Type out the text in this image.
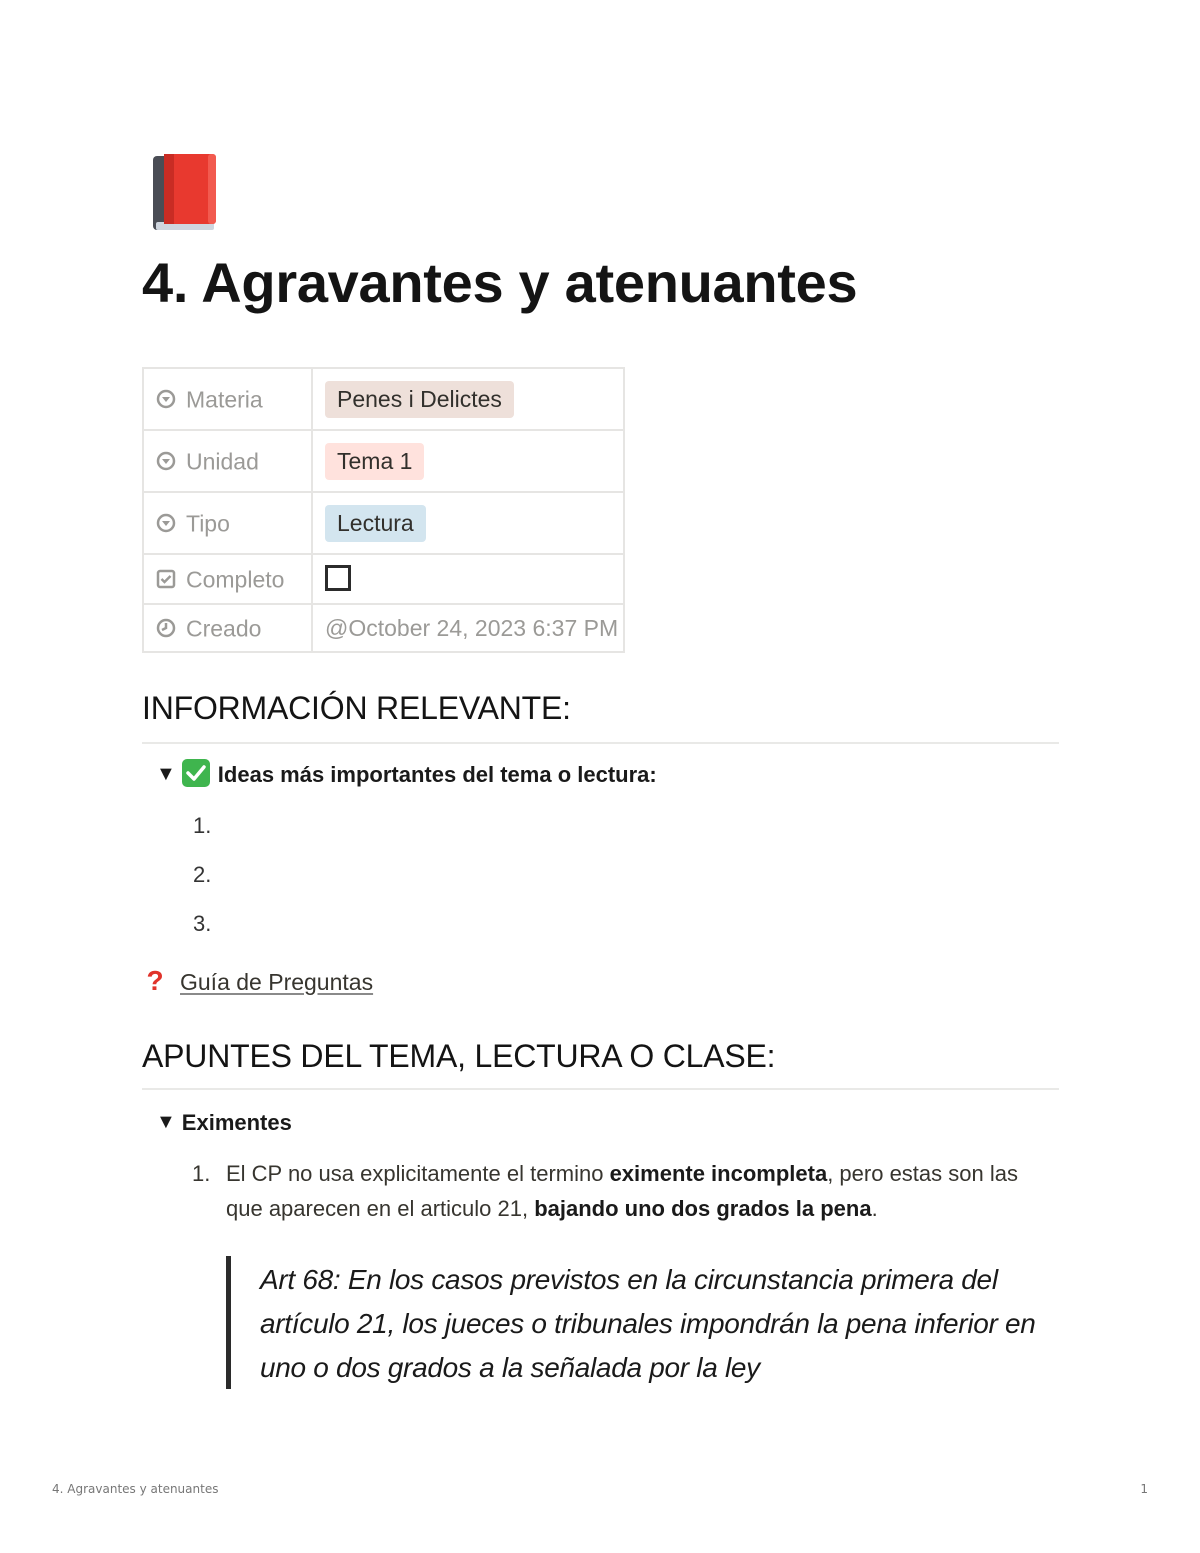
4. Agravantes y atenuantes
Materia	Penes i Delictes
Unidad	Tema 1
Tipo	Lectura
Completo	
Creado	@October 24, 2023 6:37 PM
INFORMACIÓN RELEVANTE:
▼ Ideas más importantes del tema o lectura:
1.
2.
3.
? Guía de Preguntas
APUNTES DEL TEMA, LECTURA O CLASE:
▼ Eximentes
1. El CP no usa explicitamente el termino eximente incompleta, pero estas son las que aparecen en el articulo 21, bajando uno dos grados la pena.
Art 68: En los casos previstos en la circunstancia primera del artículo 21, los jueces o tribunales impondrán la pena inferior en uno o dos grados a la señalada por la ley
4. Agravantes y atenuantes	1
